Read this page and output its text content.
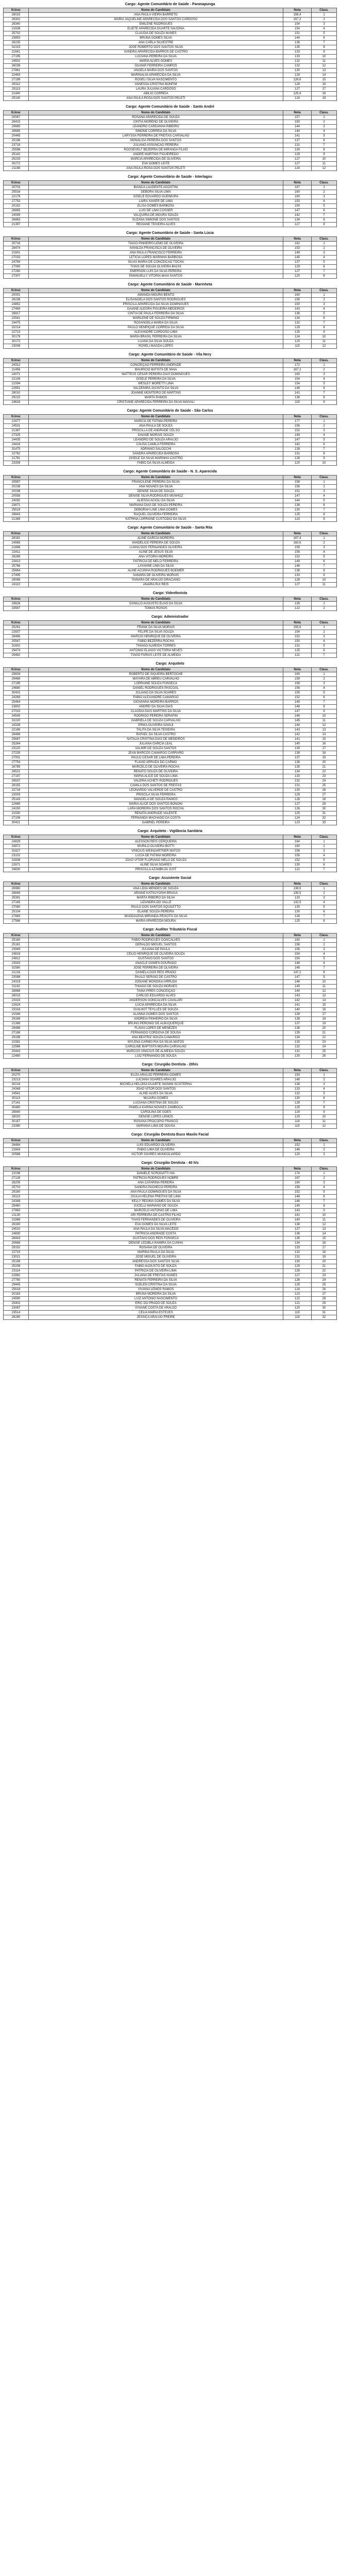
Cargo: Agente Comunitário de Saúde - Paranapunga
N.Insc	Nome do Candidato	Nota	Class.
28015	ANA PAULA VIEIRA BARRETO	158,4	1
28302	MARIA JAQUELINE APARECIDA DOS SANTOS CARDOSO	157,2	2
26340	EMILENE RODRIGUES	154	3
21638	ELIETE APARECIDA DUARTE SAUDINA	154	4
25702	CLAUDIA DE SOUZA NUNES	151	5
23853	BRUNA GOMES SILVA	144	6
26235	ANA CARLA SILVESTRE	136	7
31315	JOSE ROBERTO DOS SANTOS SILVA	135	8
21641	SANDRA APARECIDA BARROS DE CASTRO	133	9
27195	LUCIANA PEREIRA DA SILVA	133	10
24502	MARIA ALVES GOMES	132	11
26038	GILMAR FERREIRA CAMPOS	132	12
27861	ANGELA MARIA DOS SANTOS	130	13
22463	MARINALVA APARECIDA DA SILVA	129	14
27199	ROSELI SILVA NASCIMENTO	128,6	15
29312	VANESSA CRISTINA BONFIM	128	16
29113	LAURA JULIANA CARDOSO	127	17
21440	ABILIO CORREIA	125,4	18
25100	ANA PAULA ROSA DOS SANTOS PELETI	124	19
Cargo: Agente Comunitário de Saúde - Santo André
N.Insc	Nome do Candidato	Nota	Class.
20067	ROSANA APARECIDA DE SOUZA	157	1
28415	CINTIA MORENO DE OLIVEIRA	150	2
29685	LEANDRO CARDANHA RIBEIRO	144	3
26685	SIMONE CORREIA DA SILVA	144	4
20445	LARYSSA FERREIRA DE FREITAS CARVALHO	141	5
25196	MONALISA PEREIRA DOS SANTOS	137	6
23718	JULIANO ASSUNCAO PEREIRA	131	7
25596	ROOSEVELT BEZERRA DE MIRANDA FILHO	130	8
25142	ANDRE MARTINS FIGUEIREDO	129	9
25233	MARCIA APARECIDA DE OLIVEIRA	127	10
30272	EVA GOMES LEITE	127	11
21168	ANA PAULA ROSA DOS SANTOS PELETI	124	12
Cargo: Agente Comunitário de Saúde - Interlagos
N.Insc	Nome do Candidato	Nota	Class.
20703	BIANCA LAUDENTE AGOSTINI	167	1
25516	DEBORA SILVA LIMA	160	2
22179	GISELE EDUARDO GUEIMURA	160	3
27753	LAIRA XAVIER DE LIMA	153	4
20152	ELISA GOMES BARBOSA	150	5
26865	LUIS DE LIMA COSSER	147	6
24049	VALQUIRIA DE MOURA SOUZA	142	7
26863	SUZANA SIMIONE DOS SANTOS	134	8
21397	REGIANE TEIXEIRA ALVES	127	9
Cargo: Agente Comunitário de Saúde - Santa Lúcia
N.Insc	Nome do Candidato	Nota	Class.
20716	TIAGO PINHEIRO LEMO DE OLIVEIRA	162	1
28474	IVANILDA FRANCISCA DE OLIVEIRA	153	2
21601	ANA PAULA FRANCISCO FERREIRA	149	3
27033	LETICIA LOPES MARINHA BARBOSA	145	4
24784	SILVIA MARIA DE CONCEICAO TOCHA	137	5
27065	THAIS DE SOUZA OLIVEIRA BACHI	129	6
27260	EMERSON LUIS DA SILVA PEREIRA	127	7
27307	EMANUELLY VITORIA MAIA SANTOS	120	8
Cargo: Agente Comunitário de Saúde - Marinheta
N.Insc	Nome do Candidato	Nota	Class.
20001	AMANDA MOURA BENTO	160	1
26236	ELISANGELA DOS SANTOS RODRIGUES	155	2
24852	PRISCILA APARECIDA DA SILVA DOMINGUES	150	3
27469	DAIANE ALEGRA FIGUEIRA MEDEIROS	143	4
26817	CINTIA DE PAULA FERREIRA DA SILVA	136	5
22541	MARILENE DE SOUZA FIRMINO	134	6
24475	ROSANGELA MARIA DA SILVA	132	7
31014	PAULO HENRIQUE CORREIA DA SILVA	129	8
22713	ALEXANDRE CARDOSO LIMA	125	9
30179	MARIA BRASIL FERREIRA DA SILVA	124	10
30172	LUANA DA SILVA SOUZA	120	11
23008	ROSELI MAGDA LOPES	115	12
Cargo: Agente Comunitário de Saúde - Vila Nery
N.Insc	Nome do Candidato	Nota	Class.
24312	CONCEIÇÃO FERREIRA ANDRADE	172	1
21456	MAURICIO BATISTA DE MAIA	167,2	2
24071	MATTEUS CÉSAR PEREIRA DIAS DOMINGUES	163	3
22106	GISELE PEREIRA DA SILVA	154	4
21594	WESLEY MORETTI LIMA	154	5
22651	VALDENIRA JACINTO DA SILVA	148	6
28010	JOANNE MONTEIRO DE MARTINS	141	7
29215	MARTA RAMOS	136	8
24616	CRISTIANE APARECIDA FERREIRA DA SILVA MAGALI	119	9
Cargo: Agente Comunitário de Saúde - São Carlos
N.Insc	Nome do Candidato	Nota	Class.
21677	MARCIA DE FATIMA PEREIRA	177	1
24531	ANA PAULA DE SOUZA	156	2
21387	PRISCILLA DE ANDRADE CELSO	152	3
27325	DAIANE MORAIS SOUZA	149	4
24435	LEANDRO DE SOUZA ARAUJO	147	5
24416	CAUSA CAMILA FERREIRA	142	6
31475	ADRIANO SALOCCHI	139	7
22762	SANDRA APARECIDA BARBOSA	131	8
21781	GISELE DA SILVA MARINHA CASTRO	126	9
23339	FABIO DA SILVA ALMEIDA	120	10
Cargo: Agente Comunitário de Saúde - N. S. Aparecida
N.Insc	Nome do Candidato	Nota	Class.
25587	FRANCILENE PEREIRA DA SILVA	158	1
20238	ANA NOVAES DA SILVA	156	2
20038	DENISE SILVA DE SOUZA	151	3
20558	DENISE SILVA RODRIGUES MUNHOZ	147	4
24092	ALIESSA ACIOLI DA SILVA	144	5
23671	MARIANA DIAS DE SOUZA PEREIRA	138	6
25519	DEBORAH LINE LIMA GOMES	130	7
28643	RAQUEL OLIVEIRA FERREIRA	125	8
21389	KATRINA LORRAINE CUSTODIO DA SILVA	123	9
Cargo: Agente Comunitário de Saúde - Santa Rita
N.Insc	Nome do Candidato	Nota	Class.
28181	ALINE GARCIA MOREIRA	167,4	1
24565	VANDELICE PEREIRA DE SOUZA	163,6	2
21888	LUANA DOS FERNANDES OLIVEIRA	159	3
22411	ALINE DE JESUS SILVA	156	4
26268	ANA VITORIA MOREIRA	152	5
23413	PATRICIA DE MELO FERREIRA	149	6
25766	LAYANNE LIMA DA SILVA	146	7
25864	ALINE ACUNHA RODRIGUES BOEMER	138	8
27495	SAMARA DE OLIVEIRA MORAIS	133	9
29069	TAINARA DE ARAUJO GRACIANO	128	10
24113	ANAIRA RUI REIS	127	11
Cargo: Videofonista
N.Insc	Nome do Candidato	Nota	Class.
33626	DANILLO AUGUSTO ELIAS DA SILVA	135	1
33587	TOMAS ROSOS	122	2
Cargo: Administrador
N.Insc	Nome do Candidato	Nota	Class.
25261	FRANK DA SILVA MORAIS	155,6	1
22837	FELIPE DA SILVA SOUZA	154	2
28486	MARCIO HENRIQUE DE OLIVEIRA	152	3
25547	FABIO BEZERRA ROCHA	150	4
31602	THIAGO ALMEIDA TORRES	131	5
29474	ANTONIO ELIAGO VICTORIA NEVES	125	6
29482	TIAGO FARIAS LEITE DE ALMEIDA	122	7
Cargo: Arquiteto
N.Insc	Nome do Candidato	Nota	Class.
29834	ROBERTO DE SIQUEIRA BERTOCHE	160	1
29468	MAYARA DE ABREU CARVALHO	159	2
27195	LORRAINE SOUZA FONSECA	158	3
24680	DANIEL RODRIGUES PASCOAL	156	4
30402	JULIANO DA SILVA SOARES	155	5
24269	FABIO ALEXANDRE CAMARGO	152	6
25464	GIOVANNA MOREIRA BARROS	149	7
23802	ANDREI DA SILVA DIAS	148	8
27023	CLAUDIA DIAS MARTINS DA SILVA	147	9
34545	RODRIGO PEREIRA SERAFIM	146	10
31020	GABRIELA DE SOUZA CARVALHO	145	11
24338	ERIKA OLIVEIRA SAVAJI	144	12
22186	TALITA DA SILVA TEIXEIRA	143	13
26488	RAFAEL DA SILVA CASTRO	142	14
25687	NATALIA CRISTINA DIAS DE MEDEIROS	141	15
25264	JULIANA GARCIA LEAL	140	16
23120	VALMIR DE SOUZA SANTOS	139	17
27235	JEAN MARCOS CAMARGO CARRARO	138	18
27001	PAULO CESAR DE LIMA PEREIRA	137	19
27754	FLAVIO ARRUDA DO CARMO	136	20
26785	MARCELO DE OLIVEIRA ROCHA	135	21
26521	RENATO SOUZA DE OLIVEIRA	134	22
27197	MARIA ALICE DE SOUZA LIMA	133	23
26537	VALERIA ACHETI RODRIGUES	132	24
29155	CAMILA DOS SANTOS DE FREITAS	131	25
22716	LEONARDO VALVERDE DE CASTRO	130	26
23003	PRISCILA SILVA FERREIRA	129	27
25143	MANOELA DE SOUZA RAMOS	128	28
22665	MARIA ALICE DOS SANTOS BONONI	127	29
24150	LARA MOREIRA DOS SANTOS ROCHA	126	30
21530	RENATA ANDRADE VALENTE	125	31
27108	FERNANDA MACHADO DA COSTA	124	32
30421	GABRIEL PEREIRA	123	33
Cargo: Arquiteto - Vigilância Sanitária
N.Insc	Nome do Candidato	Nota	Class.
24829	ALESSON REIS CERQUEIRA	164	1
33872	MURILO OLIVEIRA BOTTI	160	2
31827	VINICIUS WEINGARTNER MATOS	156	3
23102	LUCIA DE FATIMA MOREIRA	155	4
32838	JOAO VITOR FLORIANO MELO DE SOUZA	152	5
22671	ALINE SILVA SOARES	130	6
34830	PRISCILLA AZAMBUJA JUST	122	7
Cargo: Assistente Social
N.Insc	Nome do Candidato	Nota	Class.
26980	ANA LIDIA MENDES DE SOUZA	138,5	1
28848	ARIANE KATSUYOSHI BRAGA	135,5	2
25391	MARTA RIBEIRO DA SILVA	133	3
27145	LIZANDRA DO VALLE	132,5	4
27080	PAULO DOS SANTOS SQUILETTO	130	5
25104	ELAINE SOUZA PEREIRA	130	6
27883	MAGDALENA MIRANDA PEIXOTO DA SILVA	128	7
27586	MARIA APARECIDA MOURA	125	8
Cargo: Auditor Tributário Fiscal
N.Insc	Nome do Candidato	Nota	Class.
25160	FABIO RODRIGUES GONCALVES	160	1
25161	GERALDO MIGUEL SANTOS	158	2
23949	JULIANA DE PAULA	156	3
24818	CELIO HENRIQUE DE OLIVEIRA SOUZA	154	4
24812	GUSTAVO DOS SANTOS	150	5
23915	ANACLE GOMES DOURADO	148	6
31580	JOSE FERREIRA DE OLIVEIRA	148	7
21216	DANIELA DOS REIS PRADO	147,2	8
23088	PAULO SERGIO DE CASTRO	147	9
24319	JOSIANE MONOKAI ARRUDA	146	10
31162	THIAGO DE SOUZA MORAES	145	11
28868	TAINA PIRES CONCEIÇÃO	144	12
26015	CARLOS EDUARDO ALVES	143	13
23315	ANDERSON GONCALVES CAVALARI	142	14
22624	LUCIA APARECIDA DA SILVA	141	15
23318	GUILHOT TEYLLES DE SOUZA	140	16
21546	ALANNA GOMES DOS SANTOS	139	17
29168	ANDREIA PINHEIRO DA SILVA	138	18
21366	BRUNO PERONIO DE ALBUQUERQUE	137	19
29486	FLAVIA LOPES DE MENEZES	136	20
27188	FERNANDO CORDOVA DE SOUSA	135	21
29198	ANA BEATRIZ SOUZA CAMARGO	134	22
21581	MYLENA CARMO RIA DA SILVA MATOS	133	23
22586	CAROLINE BAPTISTA MOURA CARVALHO	132	24
20443	MARCOS VINICIUS DE ALMEIDA SOUZA	131	25
22480	LUIZ FERNANDO DE SOUZA	130	26
Cargo: Cirurgião Dentista - 20h/s
N.Insc	Nome do Candidato	Nota	Class.
20270	ELIZA ARAUJO FERREIRA GOMES	153	1
23213	LUCIANA SOARES ARAUJO	148	2
30216	MICHELA HELOISA DUARTE SIGNINI SCISTERNA	138	3
24348	JOAO VITOR DOS SANTOS	133	4
24541	ALINE ALVES DA SILVA	132	5
30113	MAJARA GOMES	130	6
27141	LUCIANA CRISTINA DE SOUZA	128	7
30480	PAMELA KARINA NOVAES ZAMBOCA	125	8
26840	CAROLINA DE GOES	124	9
28020	DENISE LOPES LEMOS	120	10
30167	ROSANA PROCOPIO FRANCO	118	11
23380	MARIANA LIMA DE SOUSA	115	12
Cargo: Cirurgião Dentista Buco Maxilo Facial
N.Insc	Nome do Candidato	Nota	Class.
26484	LUIS EDUARDO OLIVEIRA	152	1
22843	FABIO LIMA DE OLIVEIRA	146	2
20588	VICTOR SOARES MANGOLIARDO	120	3
Cargo: Cirurgião Dentista - 40 h/s
N.Insc	Nome do Candidato	Nota	Class.
22038	DANIELE SCROGATTI HIA	174	1
27128	PATRICIA RODRIGUES NOBRE	167	2
28205	ANA CATARINA PEREIRA	160	3
25703	SANDRA PACHECO PEREIRA	156	4
29160	ANA PAULA DOMINGUES DA SILVA	152	5
28113	GIULIA HELENA FREITAS DE LIMA	148	6
24348	KELLY REGINA GOMES DA SILVA	146	7
25460	JUCELLI MARIANO DE SOUZA	145	8
27883	MARCELO ANTONIO DE LIMA	143	9
21130	ARI FERREIRA DE CASTRO FILHO	141	10
21866	THAIS FERNANDES DE OLIVEIRA	140	11
26330	EVA GOMES DA SILVA LEITE	138	12
24510	ANA PAULA DA SILVA MACEDO	137	13
24830	PATRICIA ANDRADE COSTA	136	14
28443	GUSTAVO DOS REIS FONSECA	135	15
20668	DENISE LEDIBLA RAMIRA DA CUNHA	134	16
29152	ROSANA DE OLIVEIRA	133	17
22715	MARINA PAULA DA SILVA	132	18
23021	JOSE MIGUEL DE OLIVEIRA	131	19
25158	ANDRESSA DOS SANTOS SILVA	130	20
25208	FABIO AUGUSTO DE SOUZA	129	21
23114	PATRICIA DE OLIVEIRA LIMA	128	22
22882	JULIANA DE FREITAS NUNES	127	23
27780	RENATA FERREIRA DA SILVA	126	24
29445	SUELEN CRISTINA DA SILVA	125	25
25618	VIVIANA LEMOS RAMOS	124	26
20183	BRUNA MOREIRA DA SILVA	123	27
24590	LUIZ ANTONIO NASCIMENTO	122	28
25402	ERIC DO PRADO DE SOUZA	121	29
23087	VIVIANE COSTA DE ARAUJO	120	30
23514	CELIA MARIA ESTEVES	119	31
26280	JESSICA ARAUJO FREIRE	118	32
